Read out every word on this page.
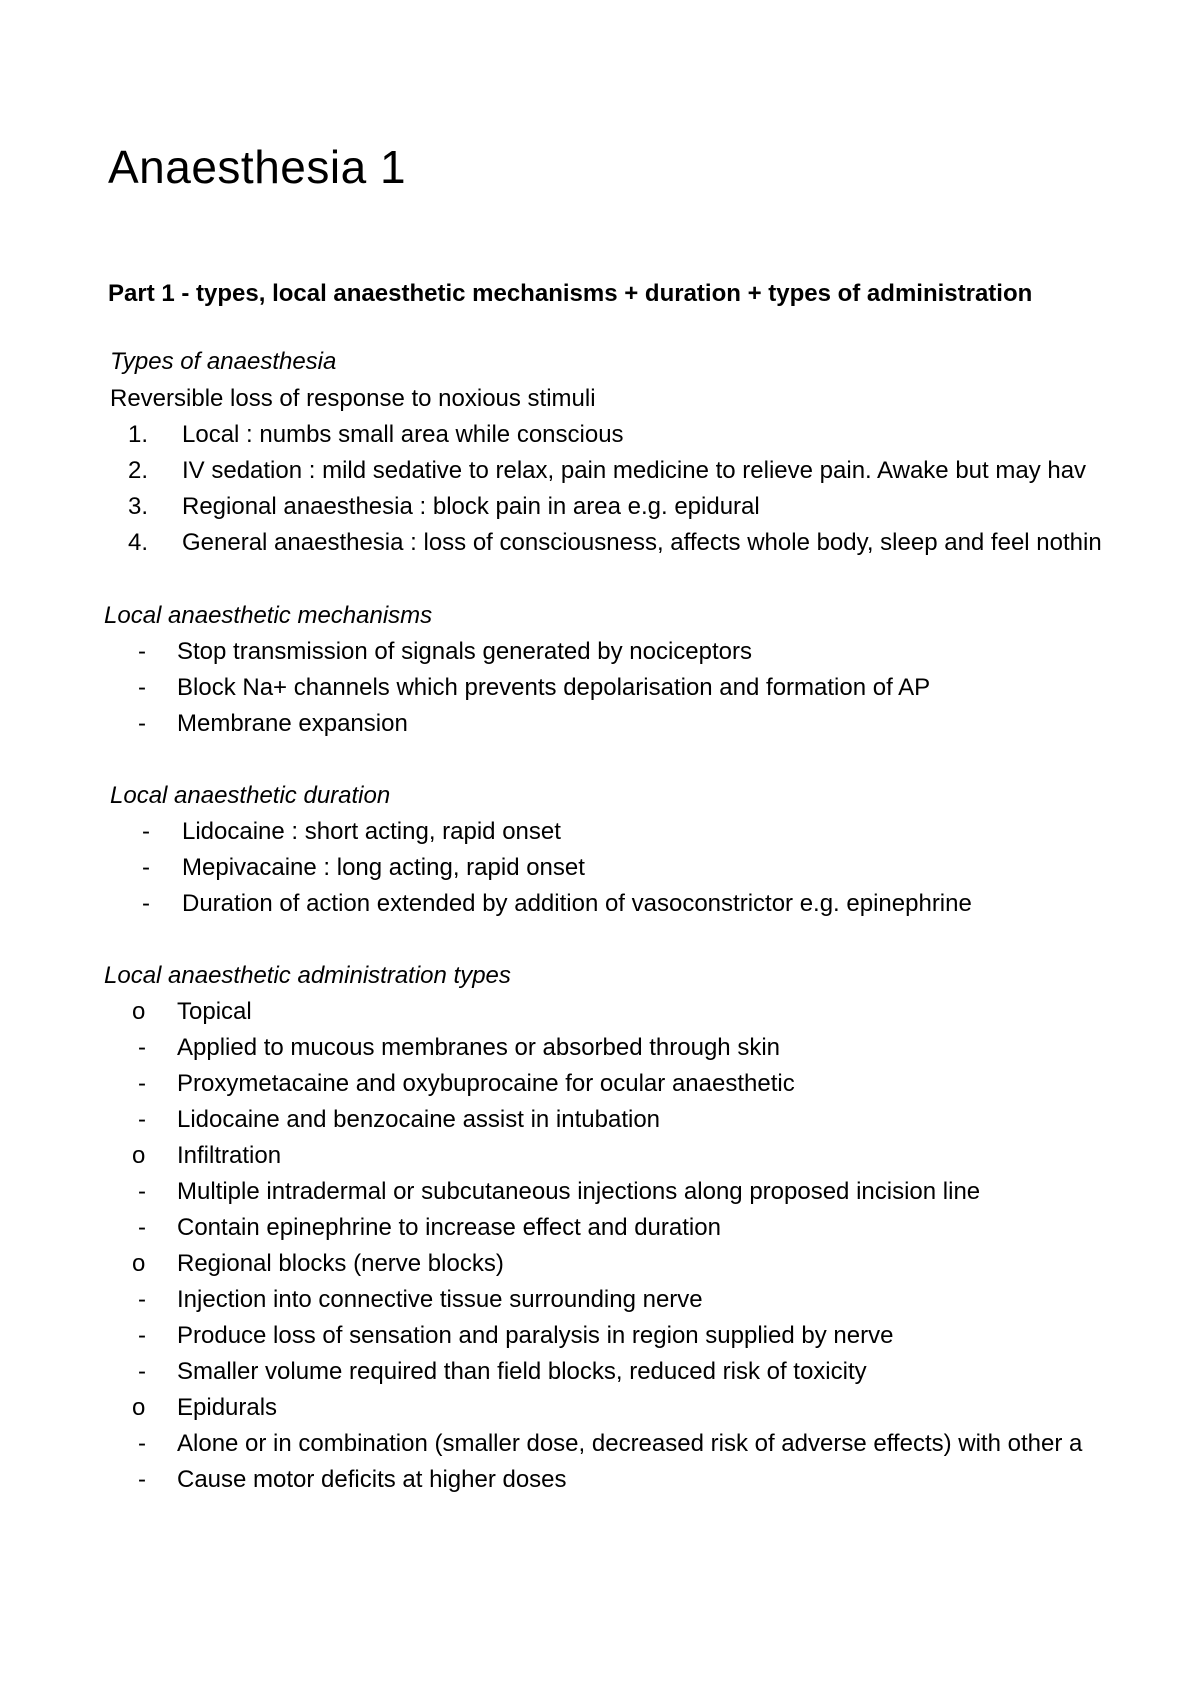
Anaesthesia 1
Part 1 - types, local anaesthetic mechanisms + duration + types of administration
Types of anaesthesia
Reversible loss of response to noxious stimuli
1. Local : numbs small area while conscious
2. IV sedation : mild sedative to relax, pain medicine to relieve pain. Awake but may hav
3. Regional anaesthesia : block pain in area e.g. epidural
4. General anaesthesia : loss of consciousness, affects whole body, sleep and feel nothin
Local anaesthetic mechanisms
- Stop transmission of signals generated by nociceptors
- Block Na+ channels which prevents depolarisation and formation of AP
- Membrane expansion
Local anaesthetic duration
- Lidocaine : short acting, rapid onset
- Mepivacaine : long acting, rapid onset
- Duration of action extended by addition of vasoconstrictor e.g. epinephrine
Local anaesthetic administration types
o Topical
- Applied to mucous membranes or absorbed through skin
- Proxymetacaine and oxybuprocaine for ocular anaesthetic
- Lidocaine and benzocaine assist in intubation
o Infiltration
- Multiple intradermal or subcutaneous injections along proposed incision line
- Contain epinephrine to increase effect and duration
o Regional blocks (nerve blocks)
- Injection into connective tissue surrounding nerve
- Produce loss of sensation and paralysis in region supplied by nerve
- Smaller volume required than field blocks, reduced risk of toxicity
o Epidurals
- Alone or in combination (smaller dose, decreased risk of adverse effects) with other a
- Cause motor deficits at higher doses
